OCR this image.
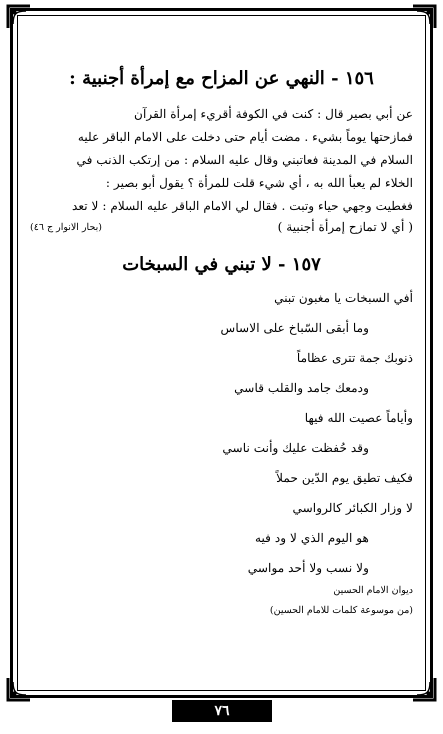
١٥٦ - النهي عن المزاح مع إمرأة أجنبية :
عن أبي بصير قال : كنت في الكوفة أقريء إمرأة القرآن
فمازحتها يوماً بشيء . مضت أيام حتى دخلت على الامام الباقر عليه
السلام في المدينة فعاتبني وقال عليه السلام : من إرتكب الذنب في
الخلاء لم يعبأ الله به ، أي شيء قلت للمرأة ؟ يقول أبو بصير :
فغطيت وجهي حياء وتبت . فقال لي الامام الباقر عليه السلام : لا تعد
( أي لا تمازح إمرأة أجنبية )
(بحار الانوار ج ٤٦)
١٥٧ - لا تبني في السبخات
أفي السبخات يا مغبون تبني
وما أبقى السّباخ على الاساس
ذنوبك جمة تترى عظاماً
ودمعك جامد والقلب قاسي
وأياماً عصيت الله فيها
وقد حُفظت عليك وأنت ناسي
فكيف تطيق يوم الدّين حملاً
لا وزار الكبائر كالرواسي
هو اليوم الذي لا ود فيه
ولا نسب ولا أحد مواسي
ديوان الامام الحسين
(من موسوعة كلمات للامام الحسين)
٧٦
